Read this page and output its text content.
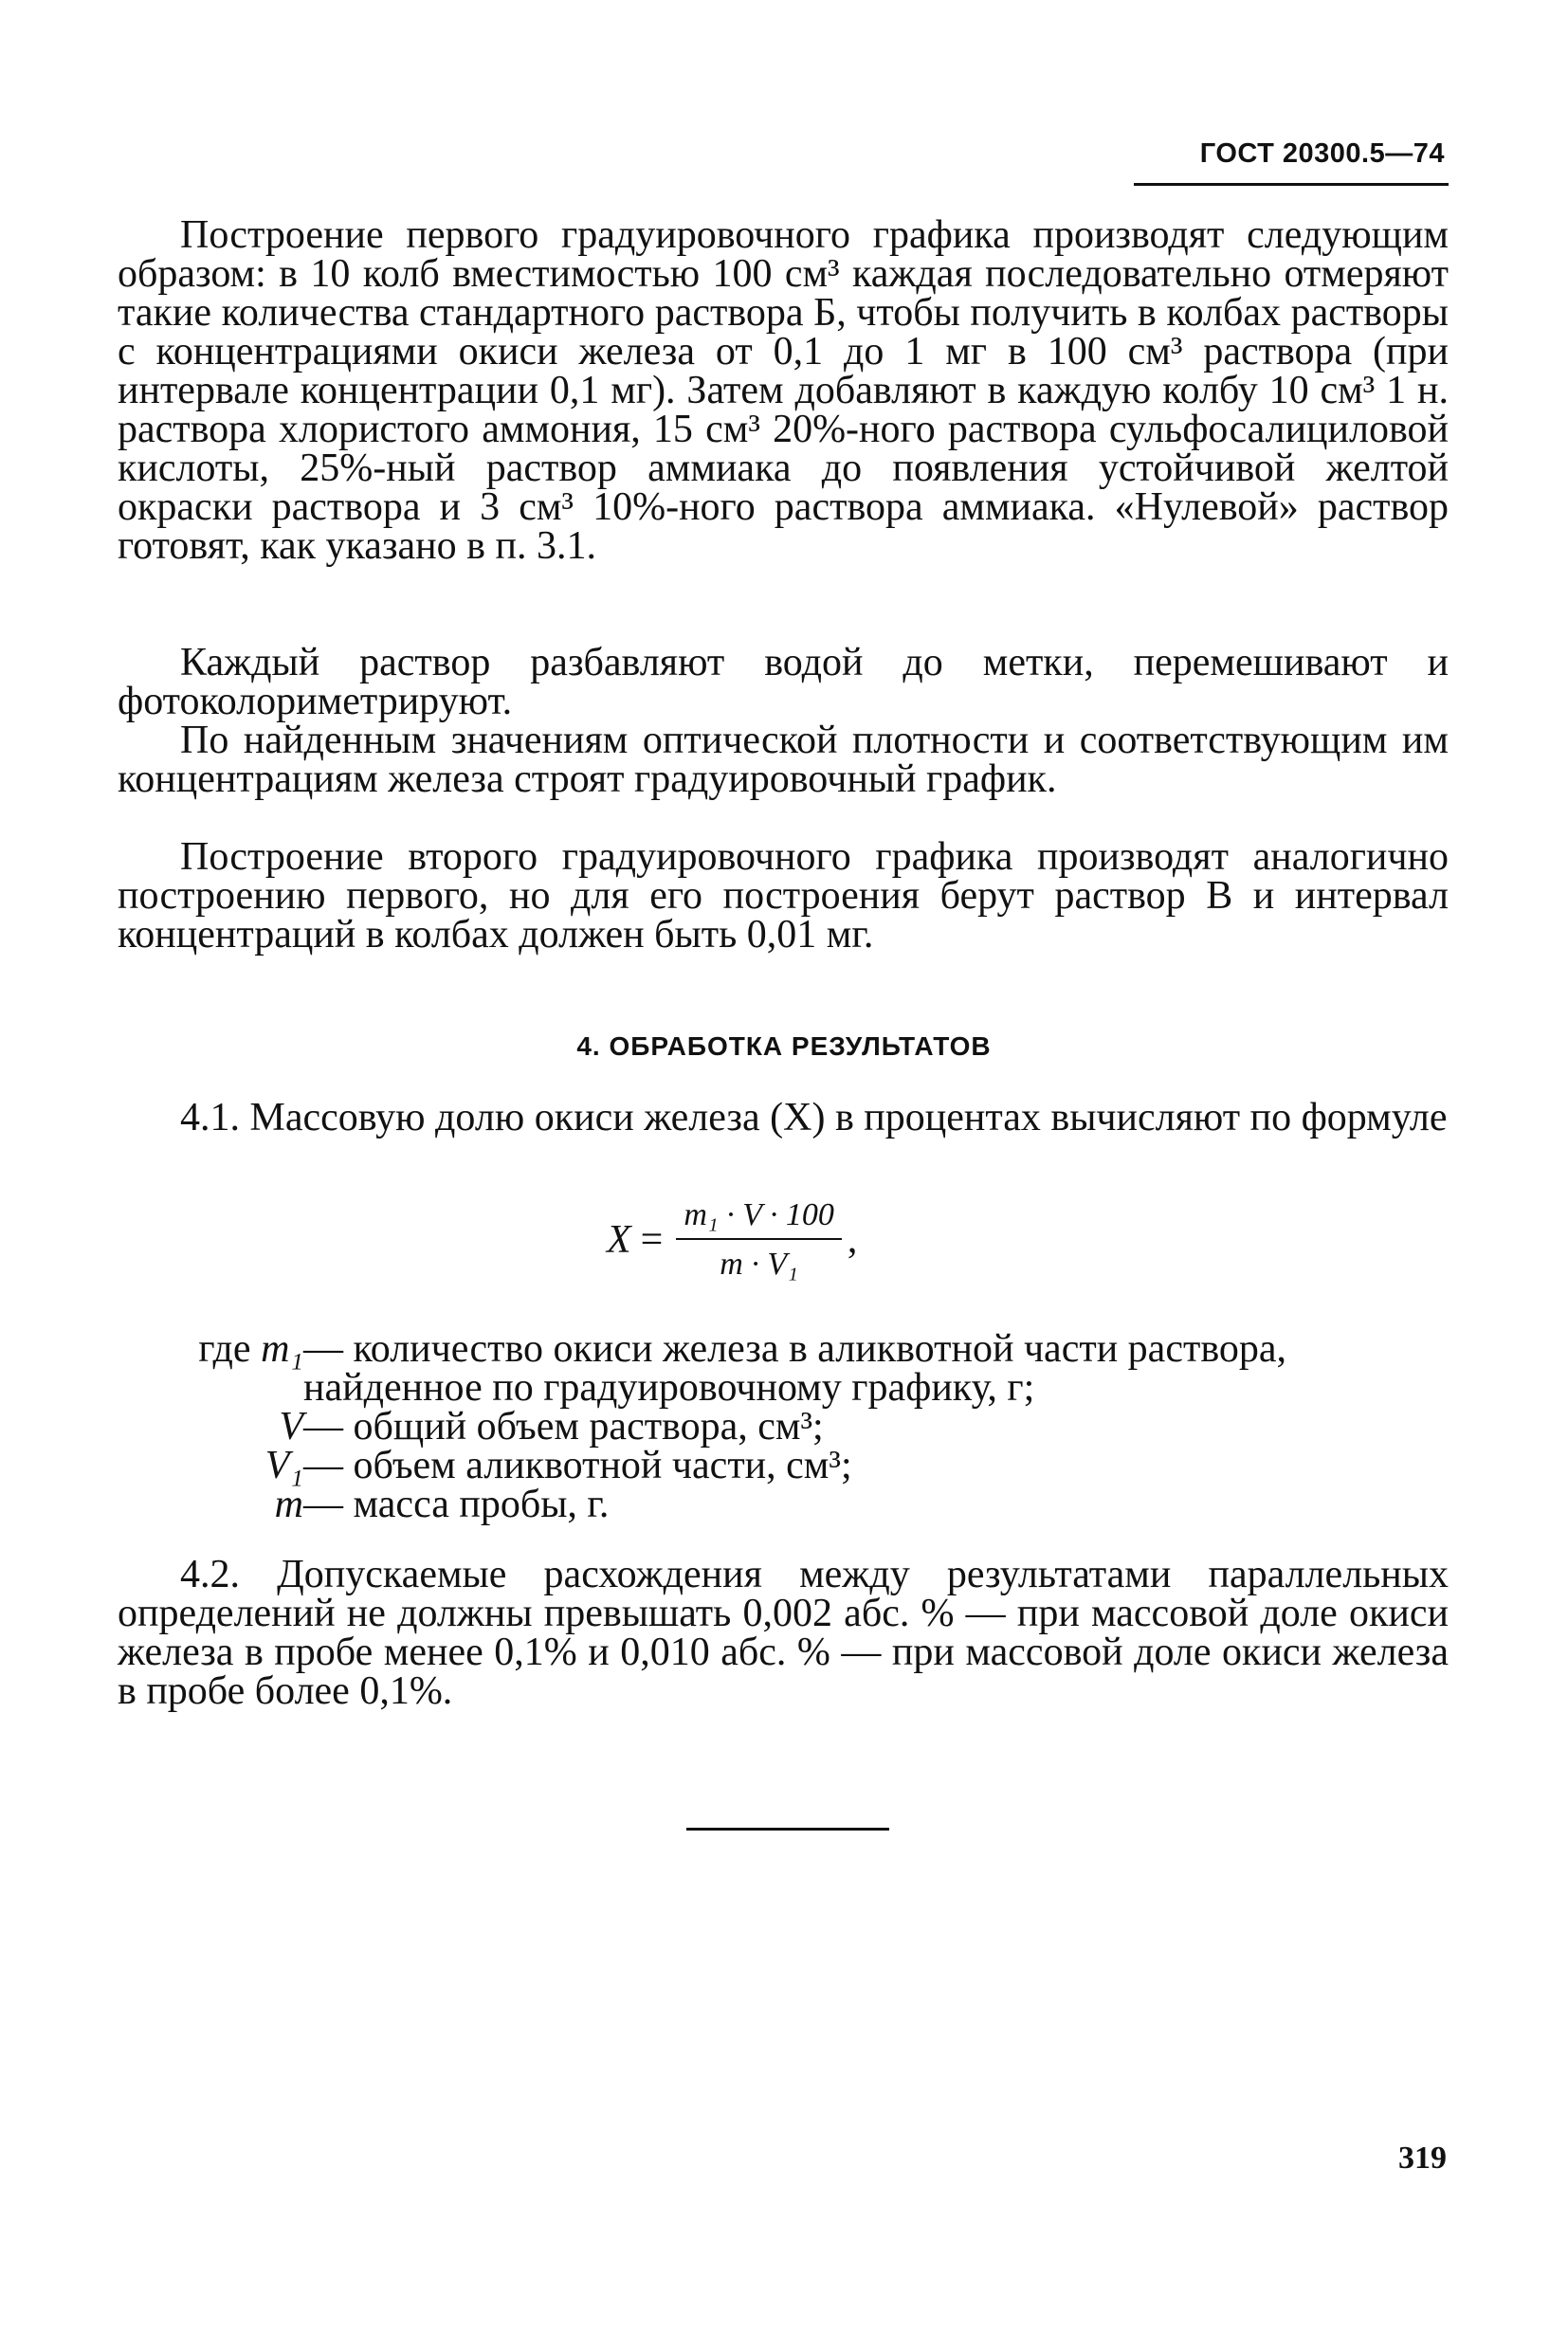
ГОСТ 20300.5—74

Построение первого градуировочного графика производят следующим образом: в 10 колб вместимостью 100 см³ каждая последовательно отмеряют такие количества стандартного раствора Б, чтобы получить в колбах растворы с концентрациями окиси железа от 0,1 до 1 мг в 100 см³ раствора (при интервале концентрации 0,1 мг). Затем добавляют в каждую колбу 10 см³ 1 н. раствора хлористого аммония, 15 см³ 20%-ного раствора сульфосалициловой кислоты, 25%-ный раствор аммиака до появления устойчивой желтой окраски раствора и 3 см³ 10%-ного раствора аммиака. «Нулевой» раствор готовят, как указано в п. 3.1.

Каждый раствор разбавляют водой до метки, перемешивают и фотоколориметрируют.

По найденным значениям оптической плотности и соответствующим им концентрациям железа строят градуировочный график.

Построение второго градуировочного графика производят аналогично построению первого, но для его построения берут раствор В и интервал концентраций в колбах должен быть 0,01 мг.

4. ОБРАБОТКА РЕЗУЛЬТАТОВ

4.1. Массовую долю окиси железа (X) в процентах вычисляют по формуле

$X = \frac{\text{m₁ · V · 100}}{\text{m · V₁}}$ ,
где m₁ — количество окиси железа в аликвотной части раствора,
найденное по градуировочному графику, г;
V — общий объем раствора, см³;
V₁ — объем аликвотной части, см³;
m — масса пробы, г.

4.2. Допускаемые расхождения между результатами параллельных определений не должны превышать 0,002 абс. % — при массовой доле окиси железа в пробе менее 0,1% и 0,010 абс. % — при массовой доле окиси железа в пробе более 0,1%.

319
